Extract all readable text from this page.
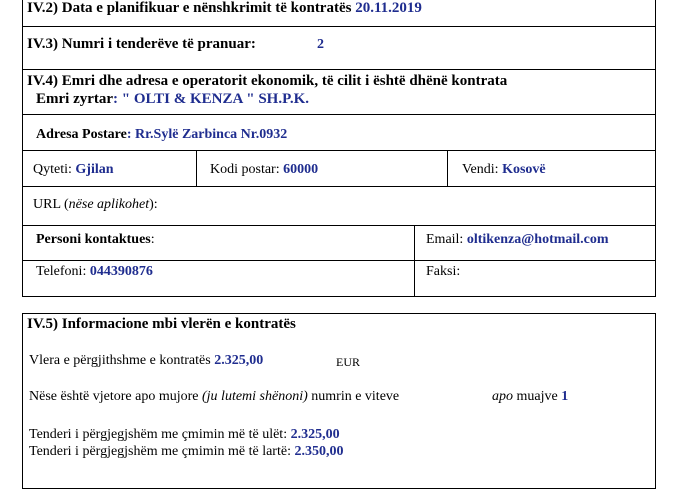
IV.2) Data e planifikuar e nënshkrimit të kontratës 20.11.2019
IV.3) Numri i tenderëve të pranuar:	2
IV.4) Emri dhe adresa e operatorit ekonomik, të cilit i është dhënë kontrata
Emri zyrtar: " OLTI & KENZA " SH.P.K.
Adresa Postare: Rr.Sylë Zarbinca Nr.0932
Qyteti: Gjilan	Kodi postar: 60000	Vendi: Kosovë
URL (nëse aplikohet):
Personi kontaktues:	Email: oltikenza@hotmail.com
Telefoni: 044390876	Faksi:
IV.5) Informacione mbi vlerën e kontratës
Vlera e përgjithshme e kontratës 2.325,00	EUR
Nëse është vjetore apo mujore (ju lutemi shënoni) numrin e viteve	apo muajve 1
Tenderi i përgjegjshëm me çmimin më të ulët: 2.325,00
Tenderi i përgjegjshëm me çmimin më të lartë: 2.350,00
